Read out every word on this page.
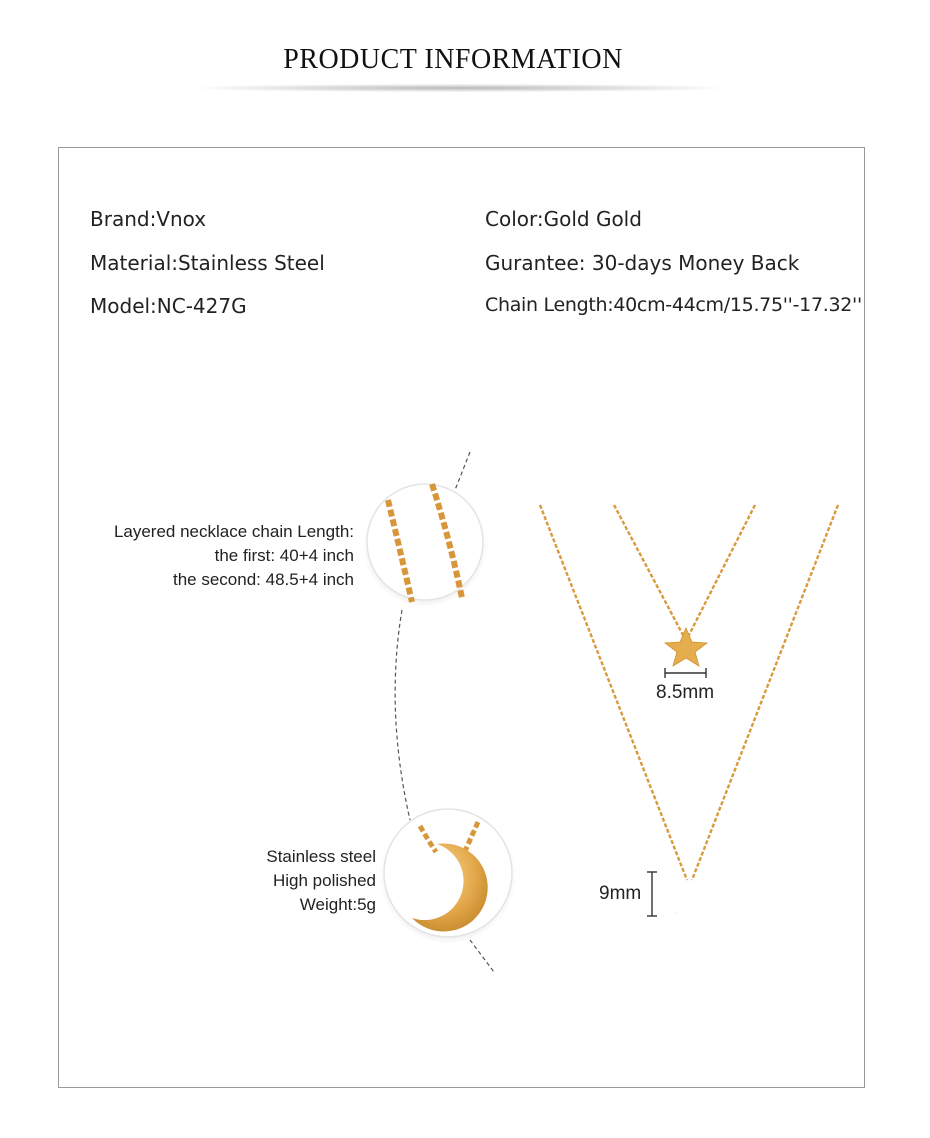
PRODUCT INFORMATION
Brand:Vnox
Material:Stainless Steel
Model:NC-427G
Color:Gold Gold
Gurantee: 30-days Money Back
Chain Length:40cm-44cm/15.75''-17.32''
Layered necklace chain Length:
the first: 40+4 inch
the second: 48.5+4 inch
Stainless steel
High polished
Weight:5g
8.5mm
9mm
